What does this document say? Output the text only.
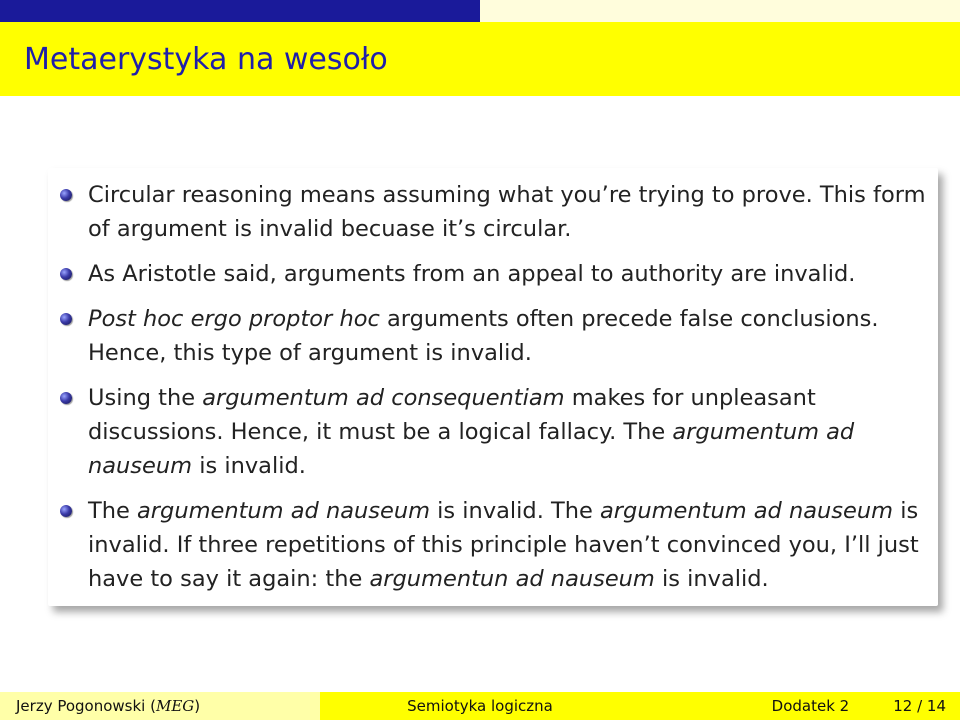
Metaerystyka na wesoło
Circular reasoning means assuming what you’re trying to prove. This form of argument is invalid becuase it’s circular.
As Aristotle said, arguments from an appeal to authority are invalid.
Post hoc ergo proptor hoc arguments often precede false conclusions. Hence, this type of argument is invalid.
Using the argumentum ad consequentiam makes for unpleasant discussions. Hence, it must be a logical fallacy. The argumentum ad nauseum is invalid.
The argumentum ad nauseum is invalid. The argumentum ad nauseum is invalid. If three repetitions of this principle haven’t convinced you, I’ll just have to say it again: the argumentun ad nauseum is invalid.
Jerzy Pogonowski
( MEG )	Semiotyka logiczna	Dodatek 2	12 / 14
